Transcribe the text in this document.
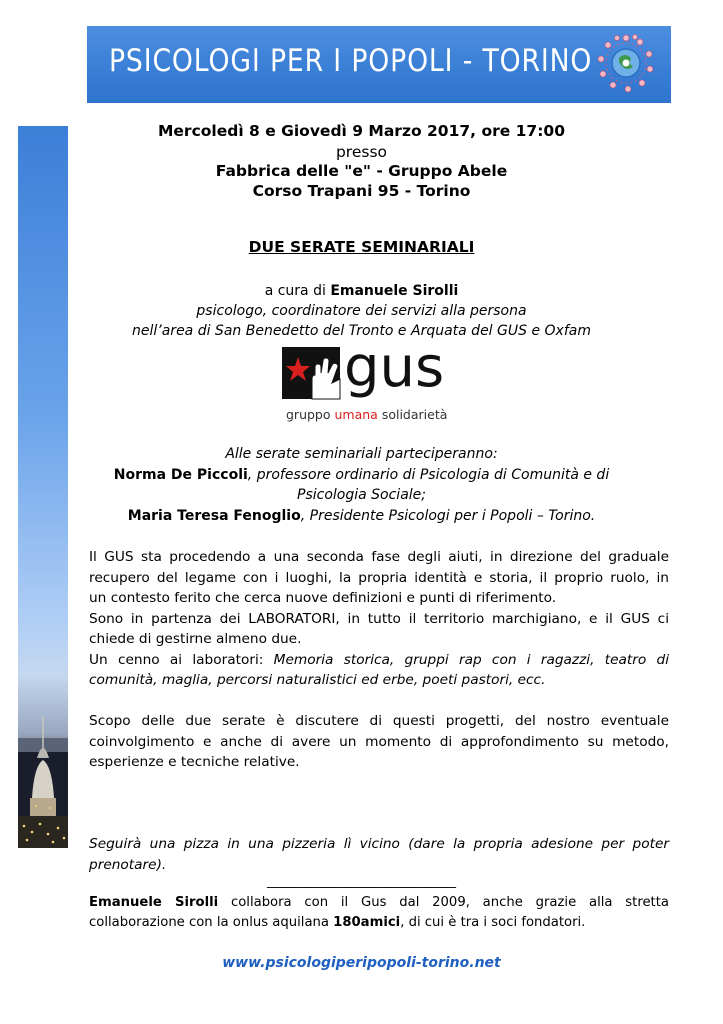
PSICOLOGI PER I POPOLI - TORINO
Mercoledì 8 e Giovedì 9 Marzo 2017, ore 17:00
presso
Fabbrica delle "e" - Gruppo Abele
Corso Trapani 95 - Torino
DUE SERATE SEMINARIALI
a cura di Emanuele Sirolli
psicologo, coordinatore dei servizi alla persona
nell’area di San Benedetto del Tronto e Arquata del GUS e Oxfam
gus
gruppo umana solidarietà
Alle serate seminariali parteciperanno:
Norma De Piccoli, professore ordinario di Psicologia di Comunità e di
Psicologia Sociale;
Maria Teresa Fenoglio, Presidente Psicologi per i Popoli – Torino.
Il GUS sta procedendo a una seconda fase degli aiuti, in direzione del graduale
recupero del legame con i luoghi, la propria identità e storia, il proprio ruolo, in
un contesto ferito che cerca nuove definizioni e punti di riferimento.
Sono in partenza dei LABORATORI, in tutto il territorio marchigiano, e il GUS ci
chiede di gestirne almeno due.
Un cenno ai laboratori: Memoria storica, gruppi rap con i ragazzi, teatro di
comunità, maglia, percorsi naturalistici ed erbe, poeti pastori, ecc.
Scopo delle due serate è discutere di questi progetti, del nostro eventuale
coinvolgimento e anche di avere un momento di approfondimento su metodo,
esperienze e tecniche relative.
Seguirà una pizza in una pizzeria lì vicino (dare la propria adesione per poter
prenotare).
____________________________
Emanuele Sirolli collabora con il Gus dal 2009, anche grazie alla stretta
collaborazione con la onlus aquilana 180amici, di cui è tra i soci fondatori.
www.psicologiperipopoli-torino.net
